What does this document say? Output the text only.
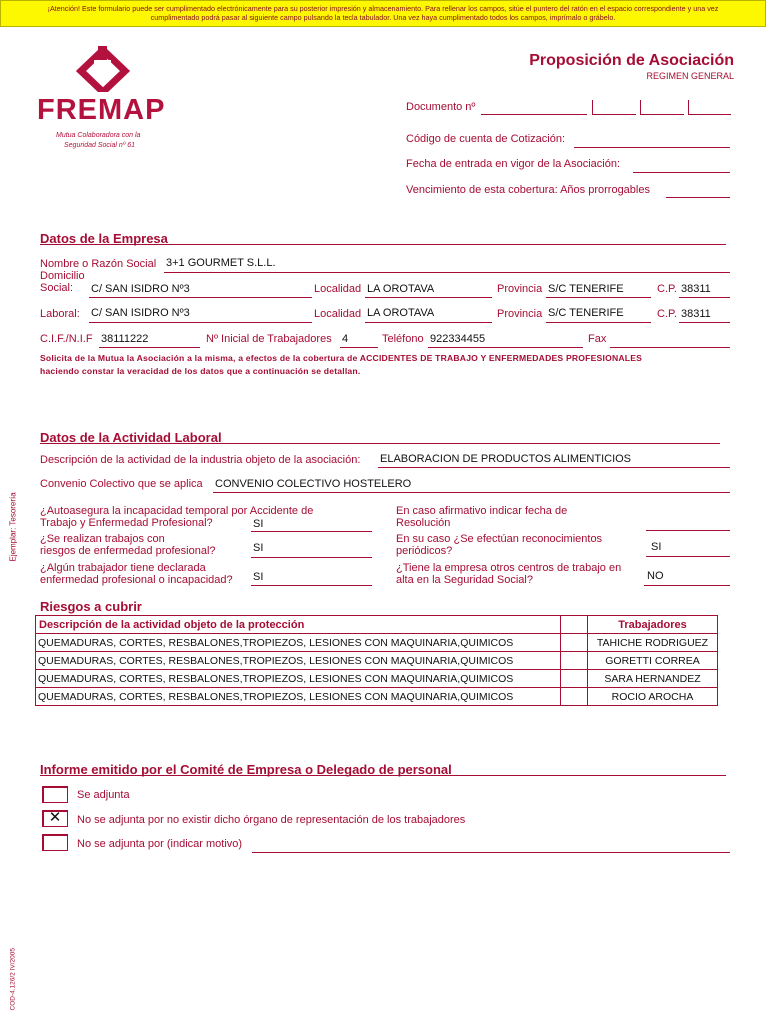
¡Atención! Este formulario puede ser cumplimentado electrónicamente para su posterior impresión y almacenamiento. Para rellenar los campos, sitúe el puntero del ratón en el espacio correspondiente y una vez
cumplimentado podrá pasar al siguiente campo pulsando la tecla tabulador. Una vez haya cumplimentado todos los campos, imprímalo o grábelo.
FREMAP
Mutua Colaboradora con la
Seguridad Social nº 61
Proposición de Asociación
REGIMEN GENERAL
Documento nº
Código de cuenta de Cotización:
Fecha de entrada en vigor de la Asociación:
Vencimiento de esta cobertura: Años prorrogables
Ejemplar: Tesorería
COD-4.126/2 IV/2005
Datos de la Empresa
Nombre o Razón Social 3+1 GOURMET S.L.L.
Domicilio
Social: C/ SAN ISIDRO Nº3	Localidad LA OROTAVA	Provincia S/C TENERIFE	C.P. 38311
Laboral: C/ SAN ISIDRO Nº3	Localidad LA OROTAVA	Provincia S/C TENERIFE	C.P. 38311
C.I.F./N.I.F 38111222	Nº Inicial de Trabajadores 4	Teléfono 922334455	Fax
Solicita de la Mutua la Asociación a la misma, a efectos de la cobertura de ACCIDENTES DE TRABAJO Y ENFERMEDADES PROFESIONALES
haciendo constar la veracidad de los datos que a continuación se detallan.
Datos de la Actividad Laboral
Descripción de la actividad de la industria objeto de la asociación: ELABORACION DE PRODUCTOS ALIMENTICIOS
Convenio Colectivo que se aplica CONVENIO COLECTIVO HOSTELERO
¿Autoasegura la incapacidad temporal por Accidente de
Trabajo y Enfermedad Profesional?	SI
¿Se realizan trabajos con
riesgos de enfermedad profesional?	SI
¿Algún trabajador tiene declarada
enfermedad profesional o incapacidad? SI
En caso afirmativo indicar fecha de
Resolución
En su caso ¿Se efectúan reconocimientos
periódicos?	SI
¿Tiene la empresa otros centros de trabajo en
alta en la Seguridad Social?	NO
Riesgos a cubrir
Descripción de la actividad objeto de la protección		Trabajadores
QUEMADURAS, CORTES, RESBALONES,TROPIEZOS, LESIONES CON MAQUINARIA,QUIMICOS		TAHICHE RODRIGUEZ
QUEMADURAS, CORTES, RESBALONES,TROPIEZOS, LESIONES CON MAQUINARIA,QUIMICOS		GORETTI CORREA
QUEMADURAS, CORTES, RESBALONES,TROPIEZOS, LESIONES CON MAQUINARIA,QUIMICOS		SARA HERNANDEZ
QUEMADURAS, CORTES, RESBALONES,TROPIEZOS, LESIONES CON MAQUINARIA,QUIMICOS		ROCIO AROCHA
Informe emitido por el Comité de Empresa o Delegado de personal
Se adjunta
✕	No se adjunta por no existir dicho órgano de representación de los trabajadores
No se adjunta por (indicar motivo)
